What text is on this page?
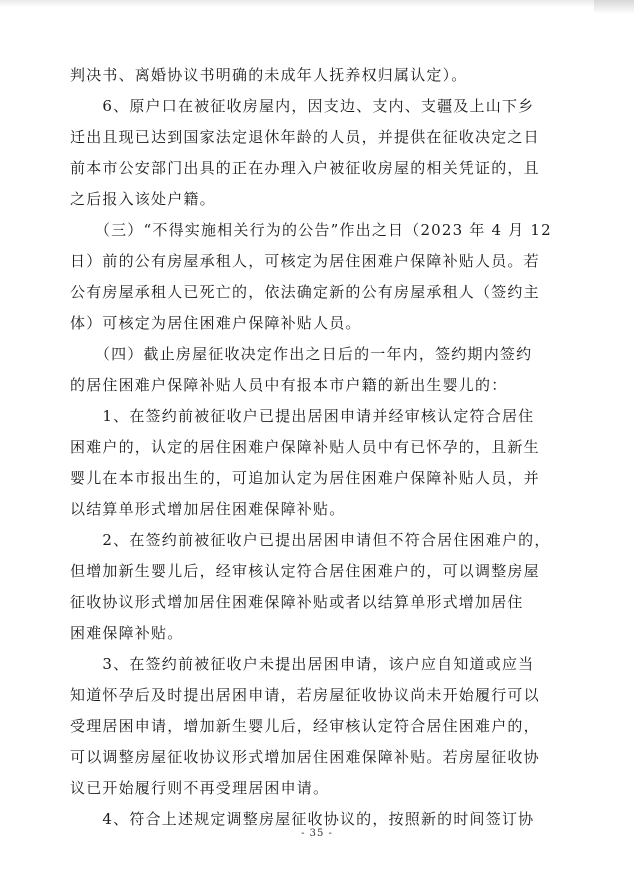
判决书、离婚协议书明确的未成年人抚养权归属认定）。
　　6、原户口在被征收房屋内，因支边、支内、支疆及上山下乡
迁出且现已达到国家法定退休年龄的人员，并提供在征收决定之日
前本市公安部门出具的正在办理入户被征收房屋的相关凭证的，且
之后报入该处户籍。
　　（三）“不得实施相关行为的公告”作出之日（2023 年 4 月 12
日）前的公有房屋承租人，可核定为居住困难户保障补贴人员。若
公有房屋承租人已死亡的，依法确定新的公有房屋承租人（签约主
体）可核定为居住困难户保障补贴人员。
　　（四）截止房屋征收决定作出之日后的一年内，签约期内签约
的居住困难户保障补贴人员中有报本市户籍的新出生婴儿的：
　　1、在签约前被征收户已提出居困申请并经审核认定符合居住
困难户的，认定的居住困难户保障补贴人员中有已怀孕的，且新生
婴儿在本市报出生的，可追加认定为居住困难户保障补贴人员，并
以结算单形式增加居住困难保障补贴。
　　2、在签约前被征收户已提出居困申请但不符合居住困难户的，
但增加新生婴儿后，经审核认定符合居住困难户的，可以调整房屋
征收协议形式增加居住困难保障补贴或者以结算单形式增加居住
困难保障补贴。
　　3、在签约前被征收户未提出居困申请，该户应自知道或应当
知道怀孕后及时提出居困申请，若房屋征收协议尚未开始履行可以
受理居困申请，增加新生婴儿后，经审核认定符合居住困难户的，
可以调整房屋征收协议形式增加居住困难保障补贴。若房屋征收协
议已开始履行则不再受理居困申请。
　　4、符合上述规定调整房屋征收协议的，按照新的时间签订协
- 35 -
